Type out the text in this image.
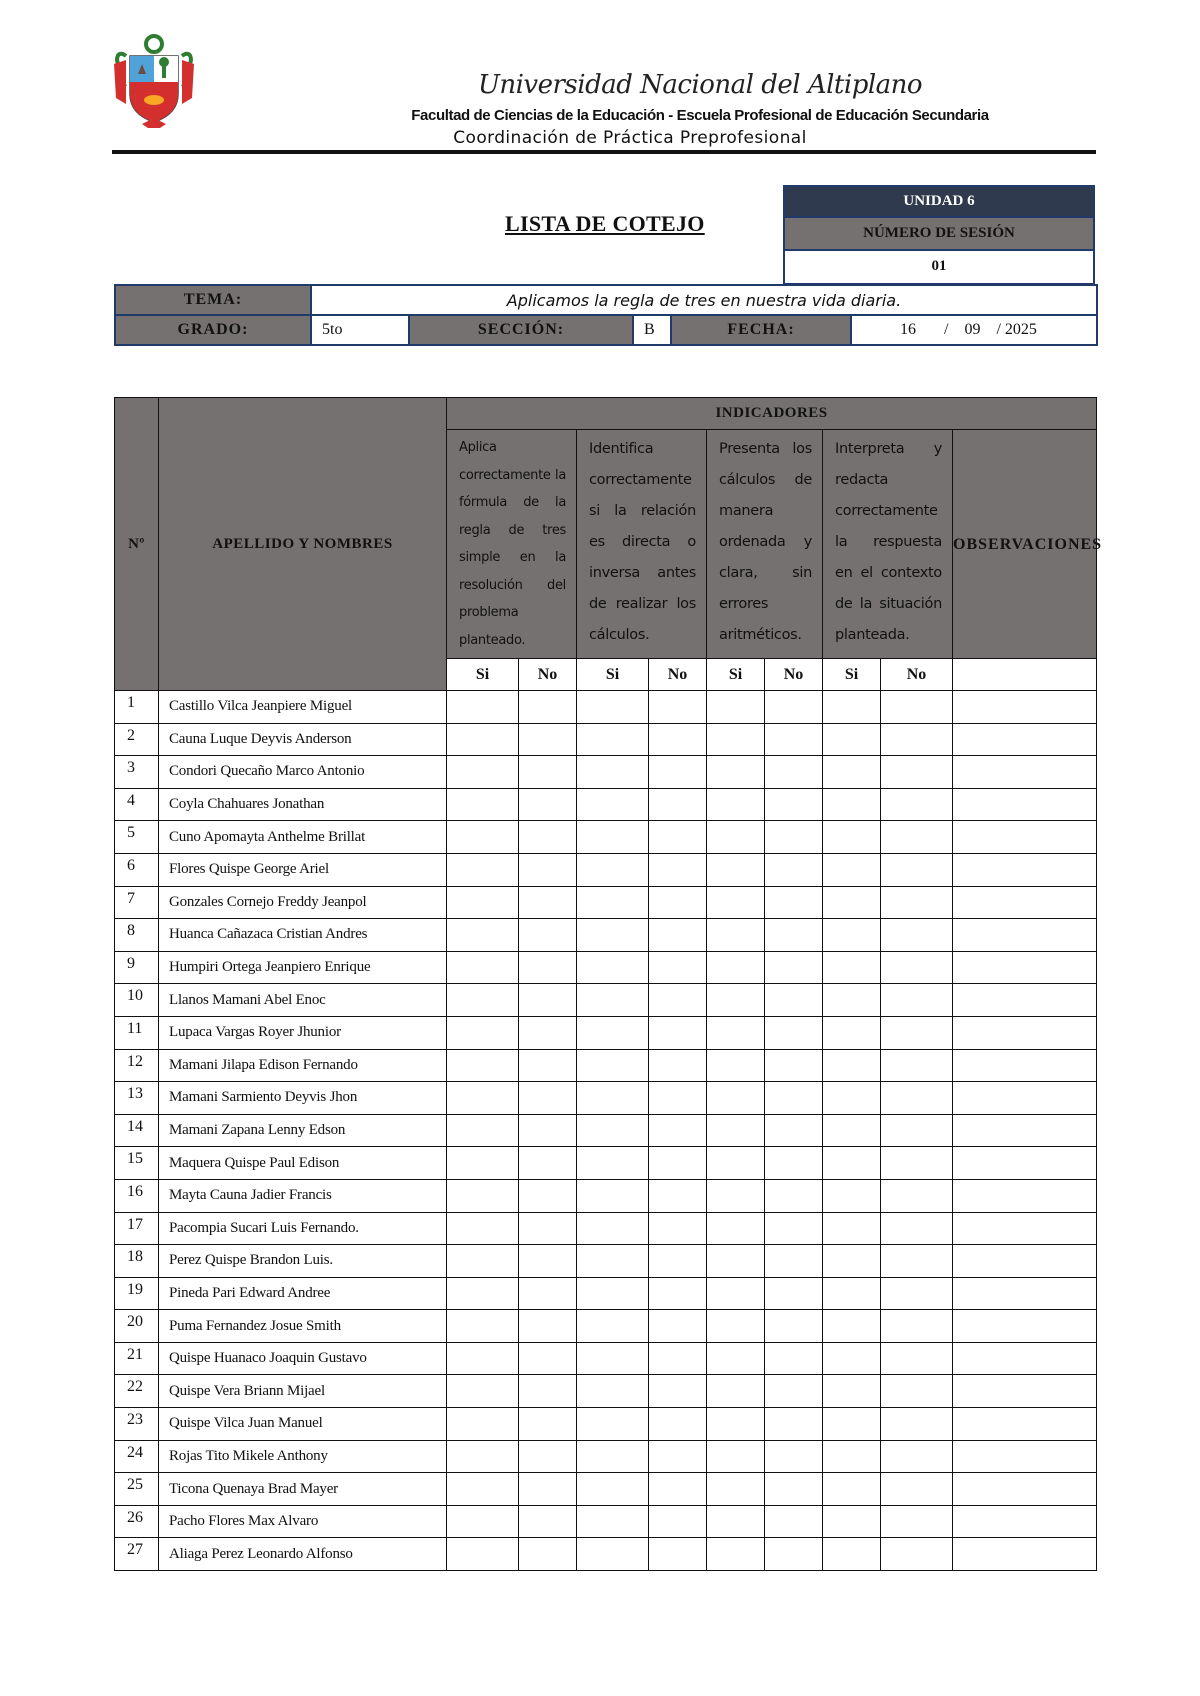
Universidad Nacional del Altiplano
Facultad de Ciencias de la Educación - Escuela Profesional de Educación Secundaria
Coordinación de Práctica Preprofesional
LISTA DE COTEJO
UNIDAD 6
NÚMERO DE SESIÓN
01
TEMA:	Aplicamos la regla de tres en nuestra vida diaria.				
GRADO:	5to	SECCIÓN:	B	FECHA:	16       /    09    / 2025
Nº	APELLIDO Y NOMBRES	INDICADORES								
		Aplica correctamente la fórmula de la regla de tres simple en la resolución del problema planteado.		Identifica correctamente si la relación es directa o inversa antes de realizar los cálculos.		Presenta los cálculos de manera ordenada y clara, sin errores aritméticos.		Interpreta y redacta correctamente la respuesta en el contexto de la situación planteada.		OBSERVACIONES
		Si	No	Si	No	Si	No	Si	No	
1	Castillo Vilca Jeanpiere Miguel									
2	Cauna Luque Deyvis Anderson									
3	Condori Quecaño Marco Antonio									
4	Coyla Chahuares Jonathan									
5	Cuno Apomayta Anthelme Brillat									
6	Flores Quispe George Ariel									
7	Gonzales Cornejo Freddy Jeanpol									
8	Huanca Cañazaca Cristian Andres									
9	Humpiri Ortega Jeanpiero Enrique									
10	Llanos Mamani Abel Enoc									
11	Lupaca Vargas Royer Jhunior									
12	Mamani Jilapa Edison Fernando									
13	Mamani Sarmiento Deyvis Jhon									
14	Mamani Zapana Lenny Edson									
15	Maquera Quispe Paul Edison									
16	Mayta Cauna Jadier Francis									
17	Pacompia Sucari Luis Fernando.									
18	Perez Quispe Brandon Luis.									
19	Pineda Pari Edward Andree									
20	Puma Fernandez Josue Smith									
21	Quispe Huanaco Joaquin Gustavo									
22	Quispe Vera Briann Mijael									
23	Quispe Vilca Juan Manuel									
24	Rojas Tito Mikele Anthony									
25	Ticona Quenaya Brad Mayer									
26	Pacho Flores Max Alvaro									
27	Aliaga Perez Leonardo Alfonso									
